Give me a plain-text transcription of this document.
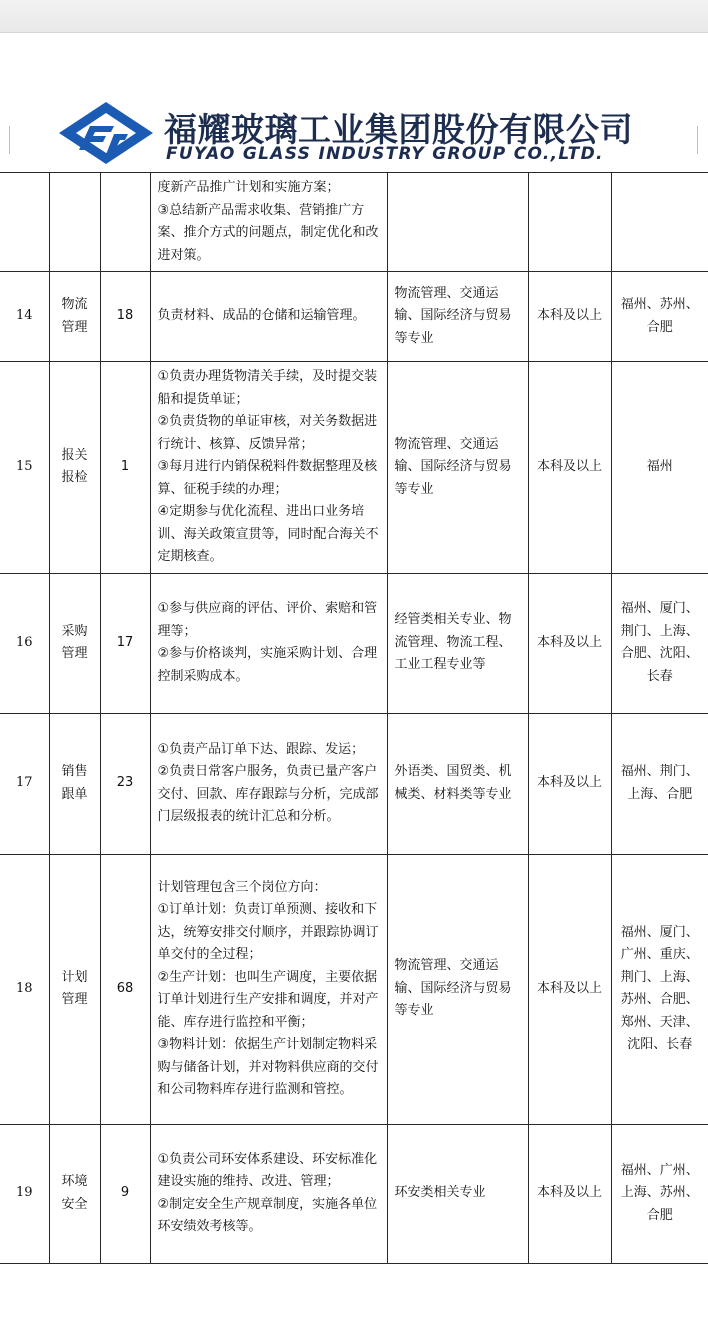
福耀玻璃工业集团股份有限公司
FUYAO GLASS INDUSTRY GROUP CO.,LTD.

			度新产品推广计划和实施方案；
③总结新产品需求收集、营销推广方案、推介方式的问题点，制定优化和改进对策。			

14	物流管理	18	负责材料、成品的仓储和运输管理。	物流管理、交通运输、国际经济与贸易等专业	本科及以上	福州、苏州、合肥
15	报关报检	1	①负责办理货物清关手续，及时提交装船和提货单证；
②负责货物的单证审核，对关务数据进行统计、核算、反馈异常；
③每月进行内销保税料件数据整理及核算、征税手续的办理；
④定期参与优化流程、进出口业务培训、海关政策宣贯等，同时配合海关不定期核查。	物流管理、交通运输、国际经济与贸易等专业	本科及以上	福州
16	采购管理	17	①参与供应商的评估、评价、索赔和管理等；
②参与价格谈判，实施采购计划、合理控制采购成本。	经管类相关专业、物流管理、物流工程、工业工程专业等	本科及以上	福州、厦门、荆门、上海、合肥、沈阳、长春
17	销售跟单	23	①负责产品订单下达、跟踪、发运；
②负责日常客户服务，负责已量产客户交付、回款、库存跟踪与分析，完成部门层级报表的统计汇总和分析。	外语类、国贸类、机械类、材料类等专业	本科及以上	福州、荆门、上海、合肥
18	计划管理	68	计划管理包含三个岗位方向：
①订单计划：负责订单预测、接收和下达，统筹安排交付顺序，并跟踪协调订单交付的全过程；
②生产计划：也叫生产调度，主要依据订单计划进行生产安排和调度，并对产能、库存进行监控和平衡；
③物料计划：依据生产计划制定物料采购与储备计划，并对物料供应商的交付和公司物料库存进行监测和管控。	物流管理、交通运输、国际经济与贸易等专业	本科及以上	福州、厦门、广州、重庆、荆门、上海、苏州、合肥、郑州、天津、沈阳、长春
19	环境安全	9	①负责公司环安体系建设、环安标准化建设实施的维持、改进、管理；
②制定安全生产规章制度，实施各单位环安绩效考核等。	环安类相关专业	本科及以上	福州、广州、上海、苏州、合肥
